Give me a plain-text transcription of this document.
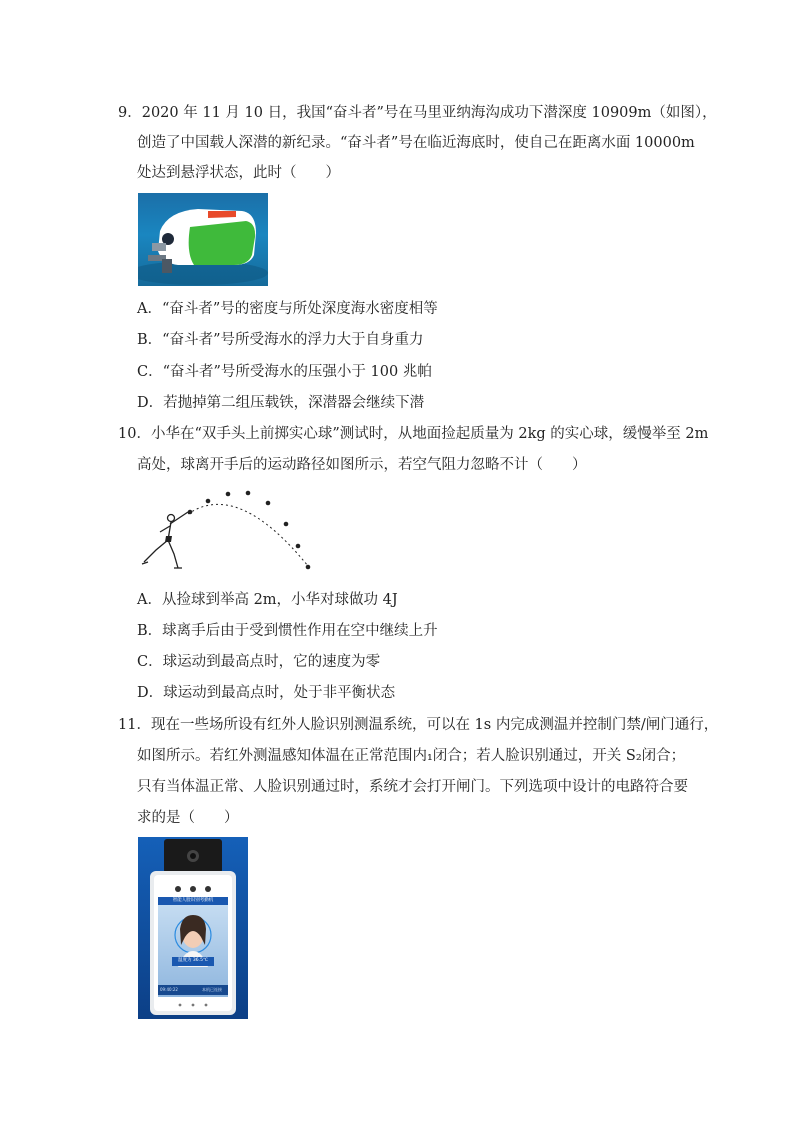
9．2020 年 11 月 10 日，我国“奋斗者”号在马里亚纳海沟成功下潜深度 10909m（如图），
创造了中国载人深潜的新纪录。“奋斗者”号在临近海底时，使自己在距离水面 10000m
处达到悬浮状态，此时（　　）
A．“奋斗者”号的密度与所处深度海水密度相等
B．“奋斗者”号所受海水的浮力大于自身重力
C．“奋斗者”号所受海水的压强小于 100 兆帕
D．若抛掉第二组压载铁，深潜器会继续下潜
10．小华在“双手头上前掷实心球”测试时，从地面捡起质量为 2kg 的实心球，缓慢举至 2m
高处，球离开手后的运动路径如图所示，若空气阻力忽略不计（　　）
A．从捡球到举高 2m，小华对球做功 4J
B．球离手后由于受到惯性作用在空中继续上升
C．球运动到最高点时，它的速度为零
D．球运动到最高点时，处于非平衡状态
11．现在一些场所设有红外人脸识别测温系统，可以在 1s 内完成测温并控制门禁/闸门通行，
如图所示。若红外测温感知体温在正常范围内₁闭合；若人脸识别通过，开关 S₂闭合；
只有当体温正常、人脸识别通过时，系统才会打开闸门。下列选项中设计的电路符合要
求的是（　　）
智能人脸识别考勤机
温度为 36.5℃
09:40:22	本机已连接
